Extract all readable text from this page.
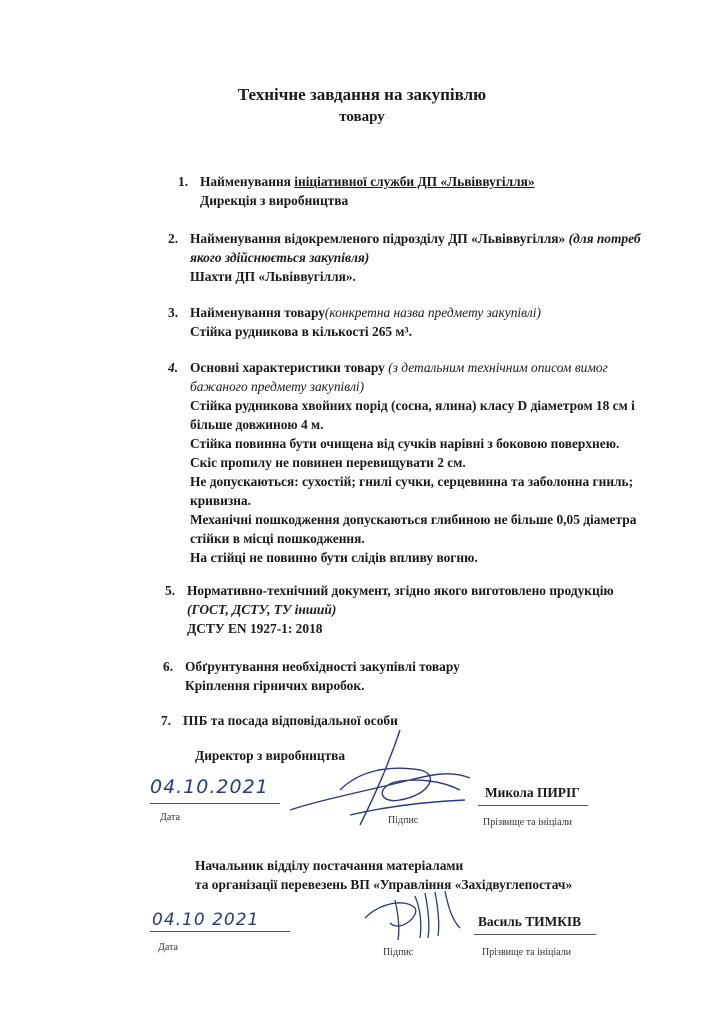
Технічне завдання на закупівлю
товару
1. Найменування ініціативної служби ДП «Львіввугілля»
Дирекція з виробництва
2. Найменування відокремленого підрозділу ДП «Львіввугілля» (для потреб
якого здійснюється закупівля)
Шахти ДП «Львіввугілля».
3. Найменування товару(конкретна назва предмету закупівлі)
Стійка рудникова в кількості 265 м³.
4. Основні характеристики товару (з детальним технічним описом вимог
бажаного предмету закупівлі)
Стійка рудникова хвойних порід (сосна, ялина) класу D діаметром 18 см і
більше довжиною 4 м.
Стійка повинна бути очищена від сучків нарівні з боковою поверхнею.
Скіс пропилу не повинен перевищувати 2 см.
Не допускаються: сухостій; гнилі сучки, серцевинна та заболонна гниль;
кривизна.
Механічні пошкодження допускаються глибиною не більше 0,05 діаметра
стійки в місці пошкодження.
На стійці не повинно бути слідів впливу вогню.
5. Нормативно-технічний документ, згідно якого виготовлено продукцію
(ГОСТ, ДСТУ, ТУ інший)
ДСТУ EN 1927-1: 2018
6. Обґрунтування необхідності закупівлі товару
Кріплення гірничих виробок.
7. ПІБ та посада відповідальної особи
Директор з виробництва
04.10.2021
Дата	Підпис
Микола ПИРІГ
Прізвище та ініціали
Начальник відділу постачання матеріалами
та організації перевезень ВП «Управління «Західвуглепостач»
04.10 2021
Дата	Підпис
Василь ТИМКІВ
Прізвище та ініціали
